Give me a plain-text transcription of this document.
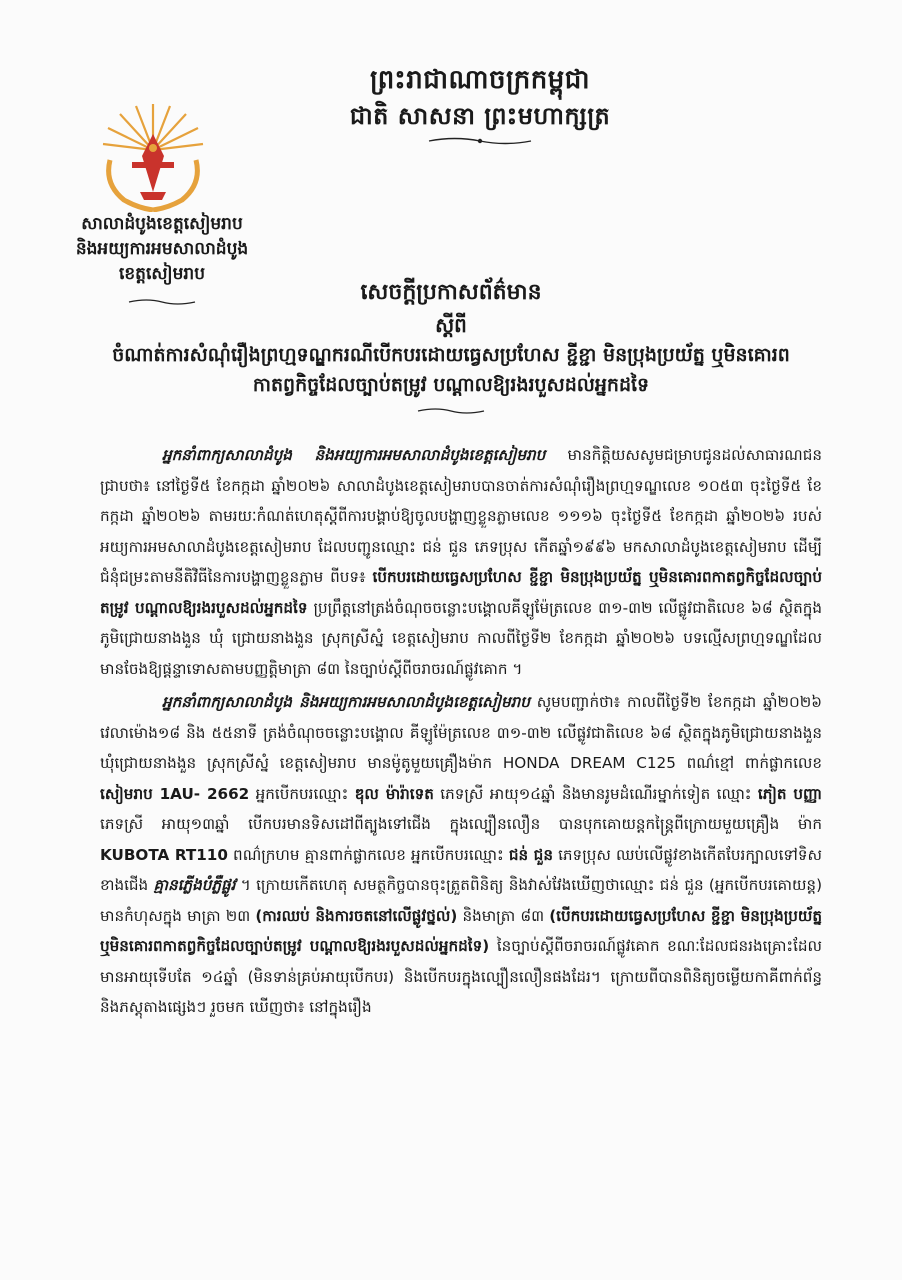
ព្រះរាជាណាចក្រកម្ពុជា
ជាតិ សាសនា ព្រះមហាក្សត្រ
សាលាដំបូងខេត្តសៀមរាប
និងអយ្យការអមសាលាដំបូង
ខេត្តសៀមរាប
សេចក្តីប្រកាសព័ត៌មាន
ស្តីពី
ចំណាត់ការសំណុំរឿងព្រហ្មទណ្ឌករណីបើកបរដោយធ្វេសប្រហែស ខ្ជីខ្ជា មិនប្រុងប្រយ័ត្ន ឬមិនគោរពកាតព្វកិច្ចដែលច្បាប់តម្រូវ បណ្តាលឱ្យរងរបួសដល់អ្នកដទៃ

អ្នកនាំពាក្យសាលាដំបូង និងអយ្យការអមសាលាដំបូងខេត្តសៀមរាប មានកិត្តិយសសូមជម្រាបជូនដល់សាធារណជនជ្រាបថា៖ នៅថ្ងៃទី៥ ខែកក្កដា ឆ្នាំ២០២៦ សាលាដំបូងខេត្តសៀមរាបបានចាត់ការសំណុំរឿងព្រហ្មទណ្ឌលេខ ១០៥៣ ចុះថ្ងៃទី៥ ខែកក្កដា ឆ្នាំ២០២៦ តាមរយៈកំណត់ហេតុស្តីពីការបង្គាប់ឱ្យចូលបង្ហាញខ្លួនភ្លាមលេខ ១១១៦ ចុះថ្ងៃទី៥ ខែកក្កដា ឆ្នាំ២០២៦ របស់អយ្យការអមសាលាដំបូងខេត្តសៀមរាប ដែលបញ្ជូនឈ្មោះ ជន់ ជួន ភេទប្រុស កើតឆ្នាំ១៩៩៦ មកសាលាដំបូងខេត្តសៀមរាប ដើម្បីជំនុំជម្រះតាមនីតិវិធីនៃការបង្ហាញខ្លួនភ្លាម ពីបទ៖ បើកបរដោយធ្វេសប្រហែស ខ្ជីខ្ជា មិនប្រុងប្រយ័ត្ន ឬមិនគោរពកាតព្វកិច្ចដែលច្បាប់តម្រូវ បណ្តាលឱ្យរងរបួសដល់អ្នកដទៃ ប្រព្រឹត្តនៅត្រង់ចំណុចចន្លោះបង្គោលគីឡូម៉ែត្រលេខ ៣១-៣២ លើផ្លូវជាតិលេខ ៦៨ ស្ថិតក្នុងភូមិជ្រោយនាងងួន ឃុំ ជ្រោយនាងងួន ស្រុកស្រីស្នំ ខេត្តសៀមរាប កាលពីថ្ងៃទី២ ខែកក្កដា ឆ្នាំ២០២៦ បទល្មើសព្រហ្មទណ្ឌដែលមានចែងឱ្យផ្តន្ទាទោសតាមបញ្ញត្តិមាត្រា ៨៣ នៃច្បាប់ស្តីពីចរាចរណ៍ផ្លូវគោក ។

អ្នកនាំពាក្យសាលាដំបូង និងអយ្យការអមសាលាដំបូងខេត្តសៀមរាប សូមបញ្ជាក់ថា៖ កាលពីថ្ងៃទី២ ខែកក្កដា ឆ្នាំ២០២៦ វេលាម៉ោង១៨ និង ៥៥នាទី ត្រង់ចំណុចចន្លោះបង្គោល គីឡូម៉ែត្រលេខ ៣១-៣២ លើផ្លូវជាតិលេខ ៦៨ ស្ថិតក្នុងភូមិជ្រោយនាងងួន ឃុំជ្រោយនាងងួន ស្រុកស្រីស្នំ ខេត្តសៀមរាប មានម៉ូតូមួយគ្រឿងម៉ាក HONDA DREAM C125 ពណ៌ខ្មៅ ពាក់ផ្លាកលេខ សៀមរាប 1AU- 2662 អ្នកបើកបរឈ្មោះ ឌុល ម៉ារ៉ាទេត ភេទស្រី អាយុ១៤ឆ្នាំ និងមានរូមដំណើរម្នាក់ទៀត ឈ្មោះ ភៀត បញ្ញា ភេទស្រី អាយុ១៣ឆ្នាំ បើកបរមានទិសដៅពីត្បូងទៅជើង ក្នុងល្បឿនលឿន បានបុកគោយន្តកន្ត្រៃពីក្រោយមួយគ្រឿង ម៉ាក KUBOTA RT110 ពណ៌ក្រហម គ្មានពាក់ផ្លាកលេខ អ្នកបើកបរឈ្មោះ ជន់ ជួន ភេទប្រុស ឈប់លើផ្លូវខាងកើតបែរក្បាលទៅទិសខាងជើង គ្មានភ្លើងបំភ្លឺផ្លូវ ។ ក្រោយកើតហេតុ សមត្ថកិច្ចបានចុះត្រួតពិនិត្យ និងវាស់វែងឃើញថាឈ្មោះ ជន់ ជួន (អ្នកបើកបរគោយន្ត) មានកំហុសក្នុង មាត្រា ២៣ (ការឈប់ និងការចតនៅលើផ្លូវថ្នល់) និងមាត្រា ៨៣ (បើកបរដោយធ្វេសប្រហែស ខ្ជីខ្ជា មិនប្រុងប្រយ័ត្ន ឬមិនគោរពកាតព្វកិច្ចដែលច្បាប់តម្រូវ បណ្តាលឱ្យរងរបួសដល់អ្នកដទៃ) នៃច្បាប់ស្តីពីចរាចរណ៍ផ្លូវគោក ខណៈដែលជនរងគ្រោះដែលមានអាយុទើបតែ ១៤ឆ្នាំ (មិនទាន់គ្រប់អាយុបើកបរ) និងបើកបរក្នុងល្បឿនលឿនផងដែរ។ ក្រោយពីបានពិនិត្យចម្លើយកាគីពាក់ព័ន្ធ និងភស្តុតាងផ្សេងៗ រួចមក ឃើញថា៖ នៅក្នុងរឿង
